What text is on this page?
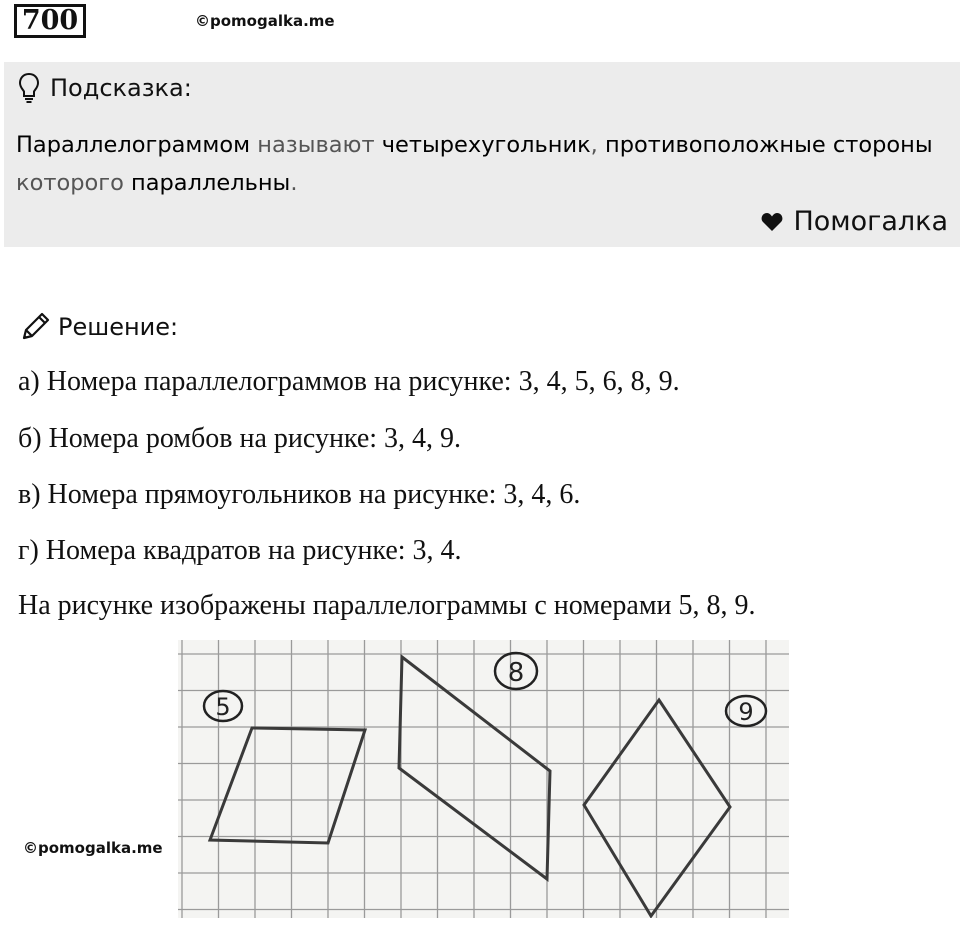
700	©pomogalka.me
Подсказка:
Параллелограммом называют четырехугольник, противоположные стороны которого параллельны.
Помогалка
Решение:
а) Номера параллелограммов на рисунке: 3, 4, 5, 6, 8, 9.
б) Номера ромбов на рисунке: 3, 4, 9.
в) Номера прямоугольников на рисунке: 3, 4, 6.
г) Номера квадратов на рисунке: 3, 4.
На рисунке изображены параллелограммы с номерами 5, 8, 9.
5
8
9
©pomogalka.me
